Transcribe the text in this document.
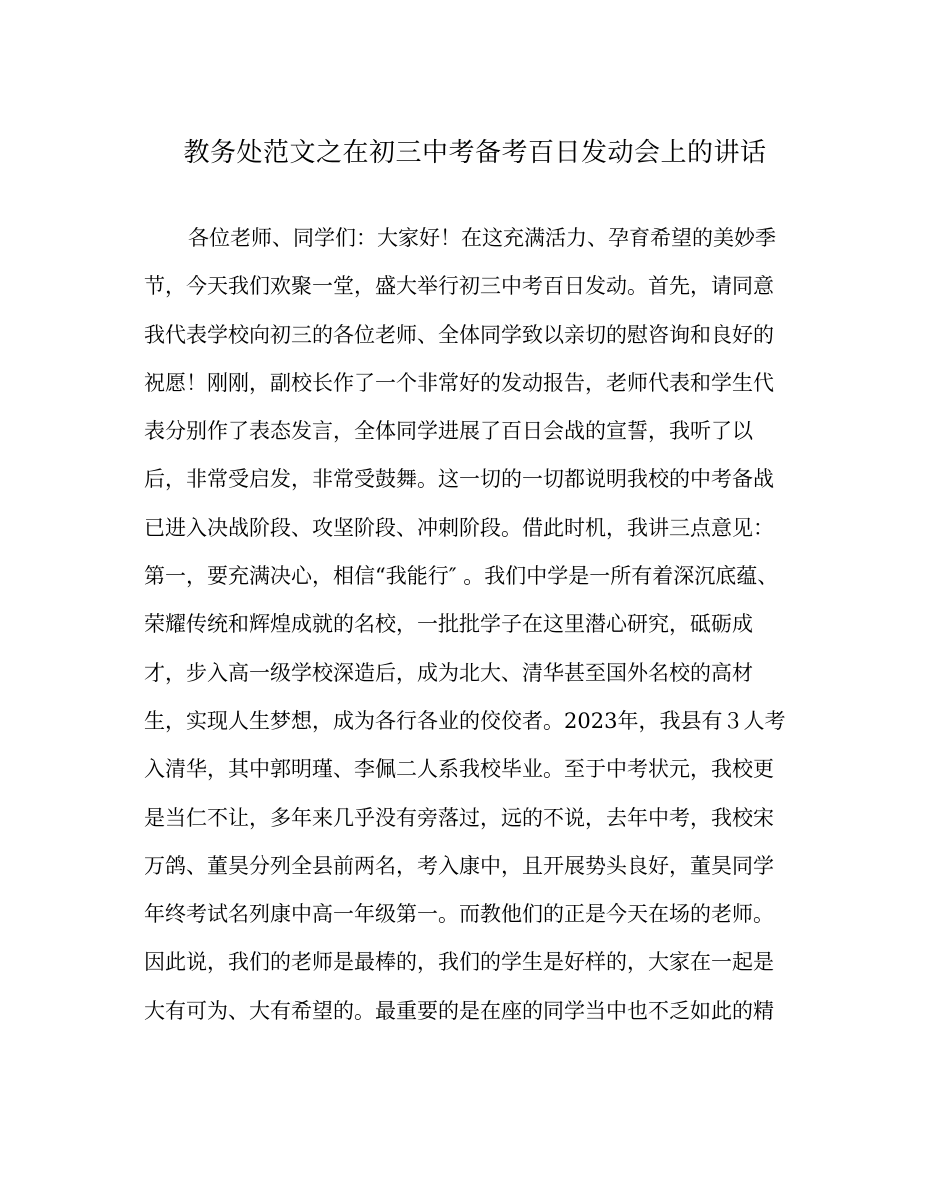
教务处范文之在初三中考备考百日发动会上的讲话
各位老师、同学们：大家好！在这充满活力、孕育希望的美妙季
节，今天我们欢聚一堂，盛大举行初三中考百日发动。首先，请同意
我代表学校向初三的各位老师、全体同学致以亲切的慰咨询和良好的
祝愿！刚刚，副校长作了一个非常好的发动报告，老师代表和学生代
表分别作了表态发言，全体同学进展了百日会战的宣誓，我听了以
后，非常受启发，非常受鼓舞。这一切的一切都说明我校的中考备战
已进入决战阶段、攻坚阶段、冲刺阶段。借此时机，我讲三点意见：
第一，要充满决心，相信“我能行″ 。我们中学是一所有着深沉底蕴、
荣耀传统和辉煌成就的名校，一批批学子在这里潜心研究，砥砺成
才，步入高一级学校深造后，成为北大、清华甚至国外名校的高材
生，实现人生梦想，成为各行各业的佼佼者。2023年，我县有３人考
入清华，其中郭明瑾、李佩二人系我校毕业。至于中考状元，我校更
是当仁不让，多年来几乎没有旁落过，远的不说，去年中考，我校宋
万鸽、董昊分列全县前两名，考入康中，且开展势头良好，董昊同学
年终考试名列康中高一年级第一。而教他们的正是今天在场的老师。
因此说，我们的老师是最棒的，我们的学生是好样的，大家在一起是
大有可为、大有希望的。最重要的是在座的同学当中也不乏如此的精
